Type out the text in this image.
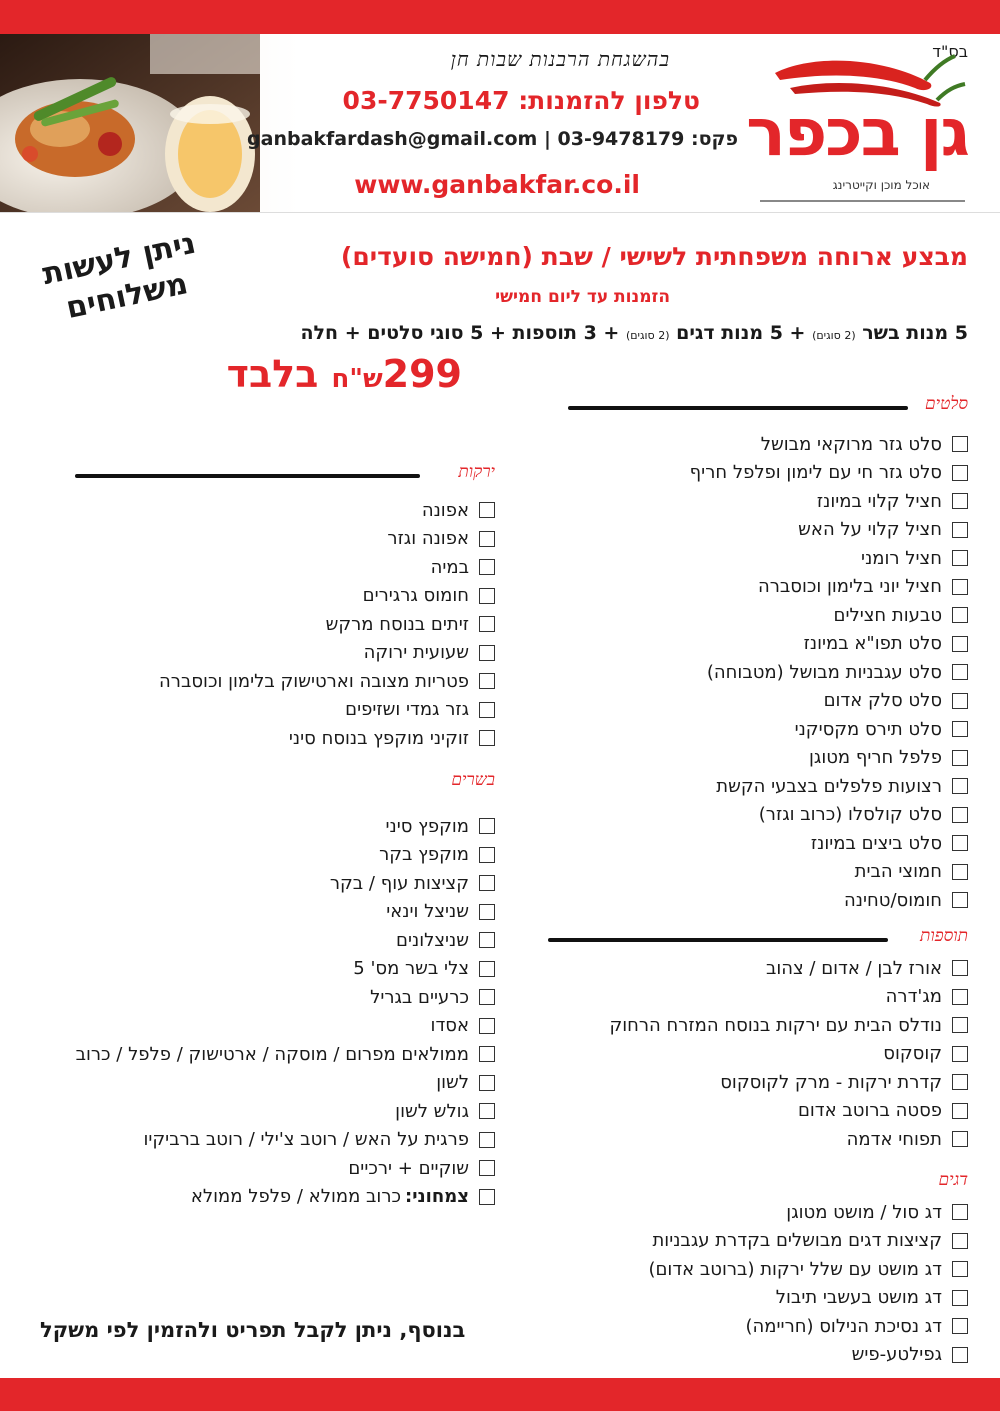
בס"ד
גן בכפר
אוכל מוכן וקייטרינג
בהשגחת הרבנות שבות חן
טלפון להזמנות: 03-7750147
פקס: 03-9478179 | ganbakfardash@gmail.com
www.ganbakfar.co.il
מבצע ארוחה משפחתית לשישי / שבת (חמישה סועדים)
הזמנות עד ליום חמישי
5 מנות בשר (2 סוגים) + 5 מנות דגים (2 סוגים) + 3 תוספות + 5 סוגי סלטים + חלה
299ש"ח בלבד
ניתן לעשות משלוחים
סלטים
סלט גזר מרוקאי מבושל
סלט גזר חי עם לימון ופלפל חריף
חציל קלוי במיונז
חציל קלוי על האש
חציל רומני
חציל יוני בלימון וכוסברה
טבעות חצילים
סלט תפו"א במיונז
סלט עגבניות מבושל (מטבוחה)
סלט סלק אדום
סלט תירס מקסיקני
פלפל חריף מטוגן
רצועות פלפלים בצבעי הקשת
סלט קולסלו (כרוב וגזר)
סלט ביצים במיונז
חמוצי הבית
חומוס/טחינה
תוספות
אורז לבן / אדום / צהוב
מג'דרה
נודלס הבית עם ירקות בנוסח המזרח הרחוק
קוסקוס
קדרת ירקות - מרק לקוסקוס
פסטה ברוטב אדום
תפוחי אדמה
דגים
דג סול / מושט מטוגן
קציצות דגים מבושלים בקדרת עגבניות
דג מושט עם שלל ירקות (ברוטב אדום)
דג מושט בעשבי תיבול
דג נסיכת הנילוס (חריימה)
גפילטע-פיש
ירקות
אפונה
אפונה וגזר
במיה
חומוס גרגירים
זיתים בנוסח מרקש
שעועית ירוקה
פטריות מצובה וארטישוק בלימון וכוסברה
גזר גמדי ושזיפים
זוקיני מוקפץ בנוסח סיני
בשרים
מוקפץ סיני
מוקפץ בקר
קציצות עוף / בקר
שניצל וינאי
שניצלונים
צלי בשר מס' 5
כרעיים בגריל
אסדו
ממולאים מפרום / מוסקה / ארטישוק / פלפל / כרוב
לשון
גולש לשון
פרגית על האש / רוטב צ'ילי / רוטב ברביקיו
שוקיים + ירכיים
צמחוני:
כרוב ממולא / פלפל ממולא
בנוסף, ניתן לקבל תפריט ולהזמין לפי משקל
